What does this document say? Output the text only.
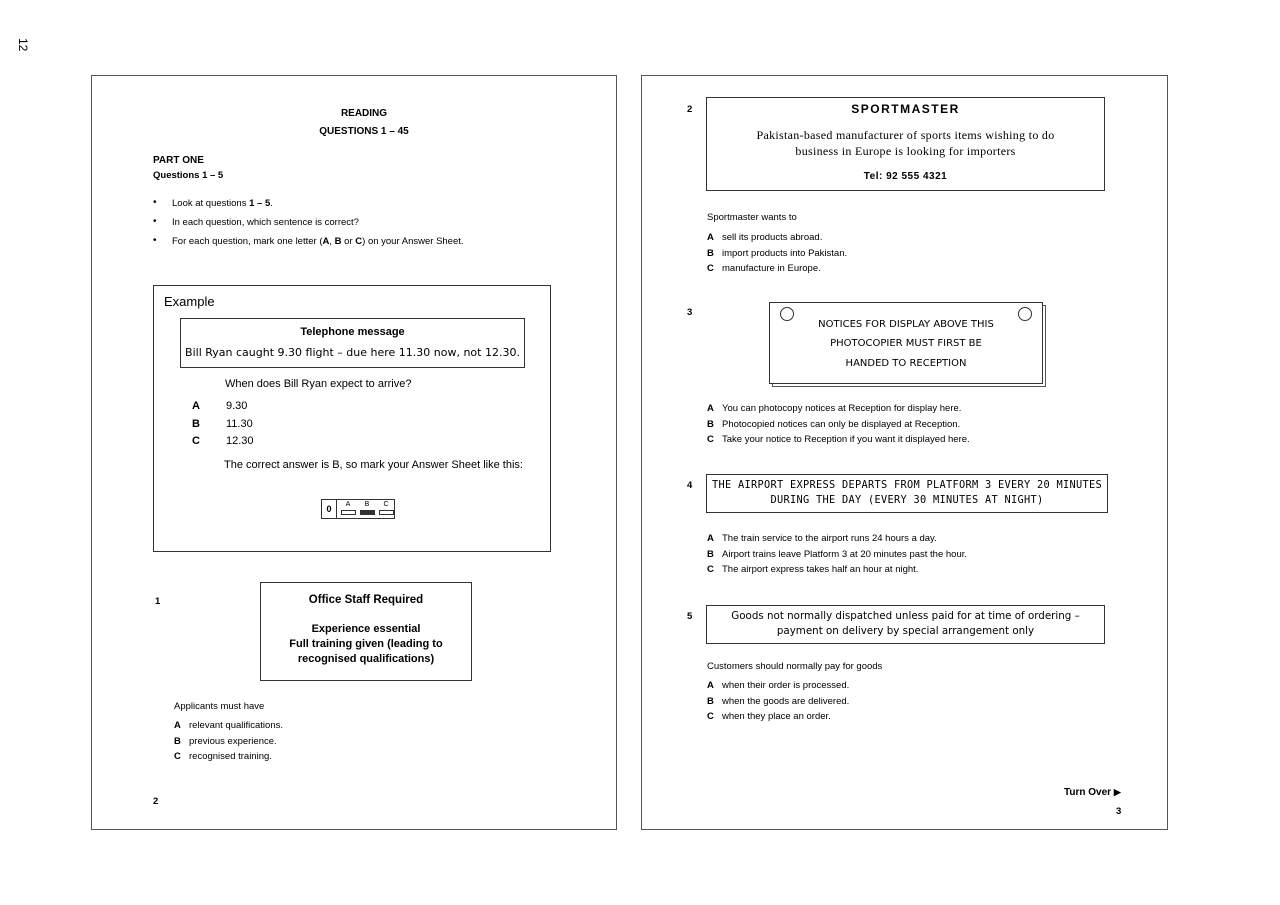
12
READING
QUESTIONS 1 – 45
PART ONE
Questions 1 – 5
• Look at questions 1 – 5.
• In each question, which sentence is correct?
• For each question, mark one letter (A, B or C) on your Answer Sheet.
Example
Telephone message
Bill Ryan caught 9.30 flight – due here 11.30 now, not 12.30.
When does Bill Ryan expect to arrive?
A 9.30
B 11.30
C 12.30
The correct answer is B, so mark your Answer Sheet like this:
0	A	B	C
1	Office Staff Required
Experience essential
Full training given (leading to
recognised qualifications)
Applicants must have
A relevant qualifications.
B previous experience.
C recognised training.
2
2	SPORTMASTER
Pakistan-based manufacturer of sports items wishing to do business in Europe is looking for importers
Tel: 92 555 4321
Sportmaster wants to
A sell its products abroad.
B import products into Pakistan.
C manufacture in Europe.
3
NOTICES FOR DISPLAY ABOVE THIS
PHOTOCOPIER MUST FIRST BE
HANDED TO RECEPTION
A You can photocopy notices at Reception for display here.
B Photocopied notices can only be displayed at Reception.
C Take your notice to Reception if you want it displayed here.
4	THE AIRPORT EXPRESS DEPARTS FROM PLATFORM 3 EVERY 20 MINUTES
DURING THE DAY (EVERY 30 MINUTES AT NIGHT)
A The train service to the airport runs 24 hours a day.
B Airport trains leave Platform 3 at 20 minutes past the hour.
C The airport express takes half an hour at night.
5	Goods not normally dispatched unless paid for at time of ordering –
payment on delivery by special arrangement only
Customers should normally pay for goods
A when their order is processed.
B when the goods are delivered.
C when they place an order.
Turn Over ▶
3
